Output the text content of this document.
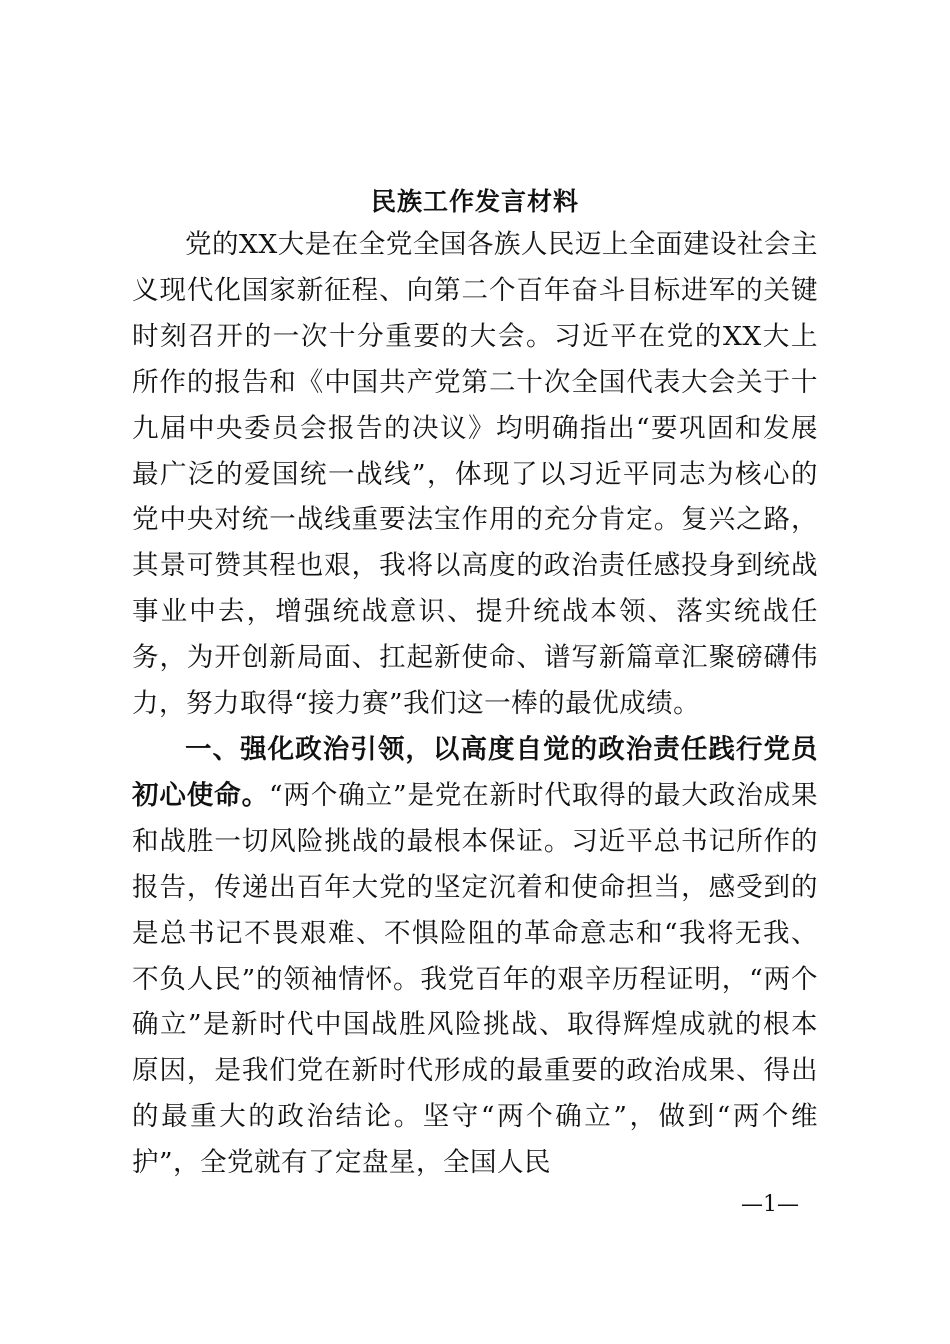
民族工作发言材料

党的XX大是在全党全国各族人民迈上全面建设社会主义现代化国家新征程、向第二个百年奋斗目标进军的关键时刻召开的一次十分重要的大会。习近平在党的XX大上所作的报告和《中国共产党第二十次全国代表大会关于十九届中央委员会报告的决议》均明确指出“要巩固和发展最广泛的爱国统一战线”，体现了以习近平同志为核心的党中央对统一战线重要法宝作用的充分肯定。复兴之路，其景可赞其程也艰，我将以高度的政治责任感投身到统战事业中去，增强统战意识、提升统战本领、落实统战任务，为开创新局面、扛起新使命、谱写新篇章汇聚磅礴伟力，努力取得“接力赛”我们这一棒的最优成绩。

一、强化政治引领，以高度自觉的政治责任践行党员初心使命。“两个确立”是党在新时代取得的最大政治成果和战胜一切风险挑战的最根本保证。习近平总书记所作的报告，传递出百年大党的坚定沉着和使命担当，感受到的是总书记不畏艰难、不惧险阻的革命意志和“我将无我、不负人民”的领袖情怀。我党百年的艰辛历程证明，“两个确立”是新时代中国战胜风险挑战、取得辉煌成就的根本原因，是我们党在新时代形成的最重要的政治成果、得出的最重大的政治结论。坚守“两个确立”，做到“两个维护”，全党就有了定盘星，全国人民

—1—
